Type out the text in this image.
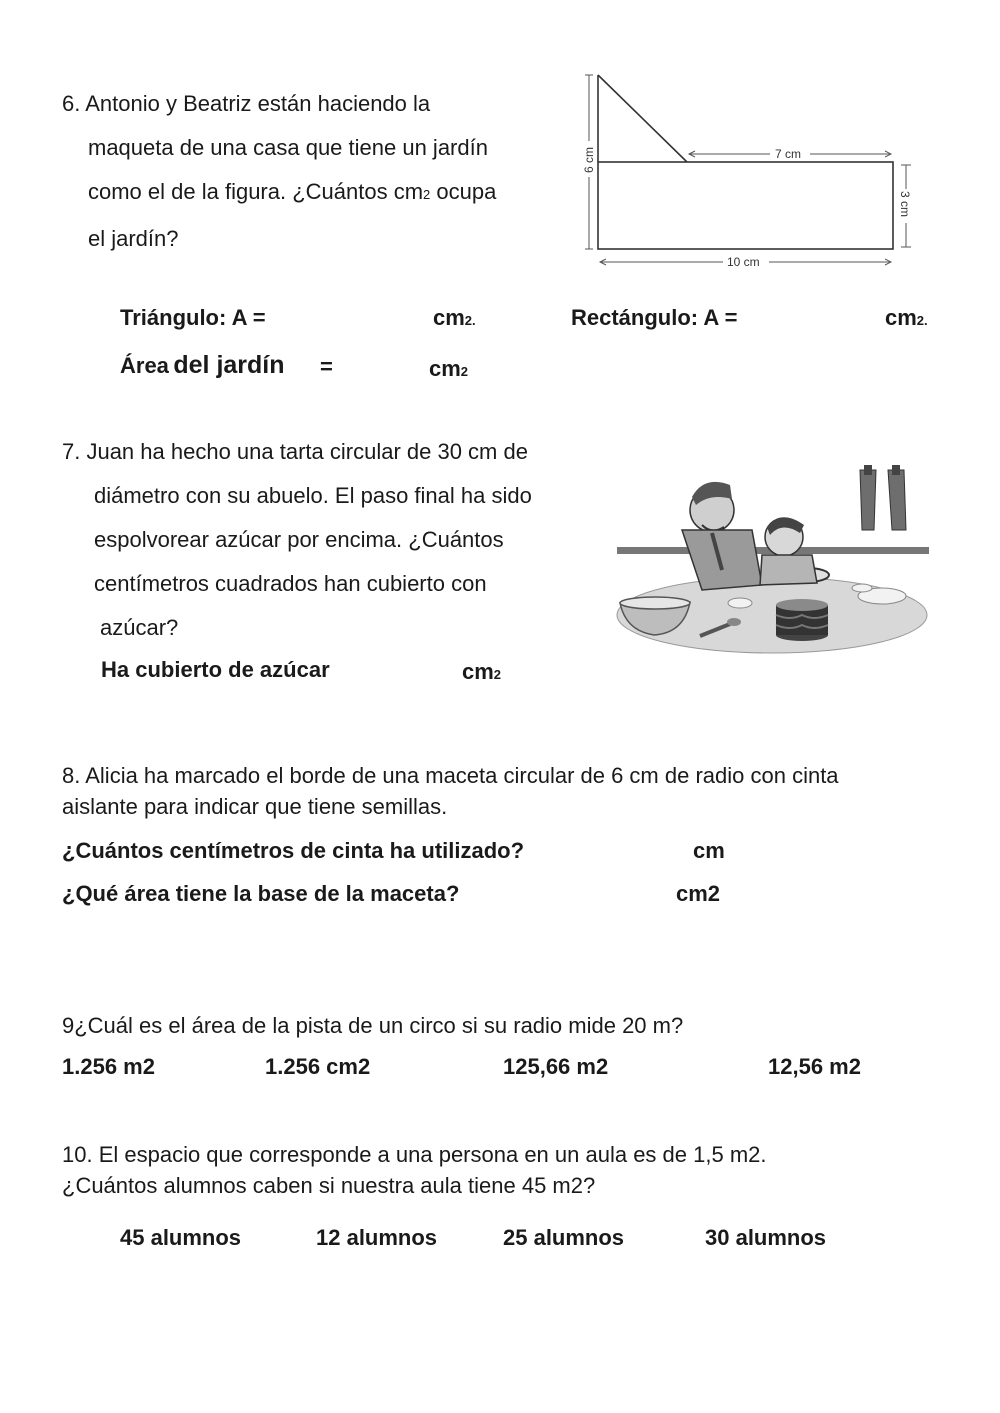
6. Antonio y Beatriz están haciendo la
maqueta de una casa que tiene un jardín
como el de la figura. ¿Cuántos cm2 ocupa
el jardín?
6 cm	7 cm
3 cm
10 cm
Triángulo: A =	cm2.	Rectángulo: A =	cm2.
Área del jardín =	cm2
7. Juan ha hecho una tarta circular de 30 cm de
diámetro con su abuelo. El paso final ha sido
espolvorear azúcar por encima. ¿Cuántos
centímetros cuadrados han cubierto con
azúcar?
Ha cubierto de azúcar	cm2
8. Alicia ha marcado el borde de una maceta circular de 6 cm de radio con cinta
aislante para indicar que tiene semillas.
¿Cuántos centímetros de cinta ha utilizado?	cm
¿Qué área tiene la base de la maceta?	cm2
9¿Cuál es el área de la pista de un circo si su radio mide 20 m?
1.256 m2	1.256 cm2	125,66 m2	12,56 m2
10. El espacio que corresponde a una persona en un aula es de 1,5 m2.
¿Cuántos alumnos caben si nuestra aula tiene 45 m2?
45 alumnos	12 alumnos	25 alumnos	30 alumnos
